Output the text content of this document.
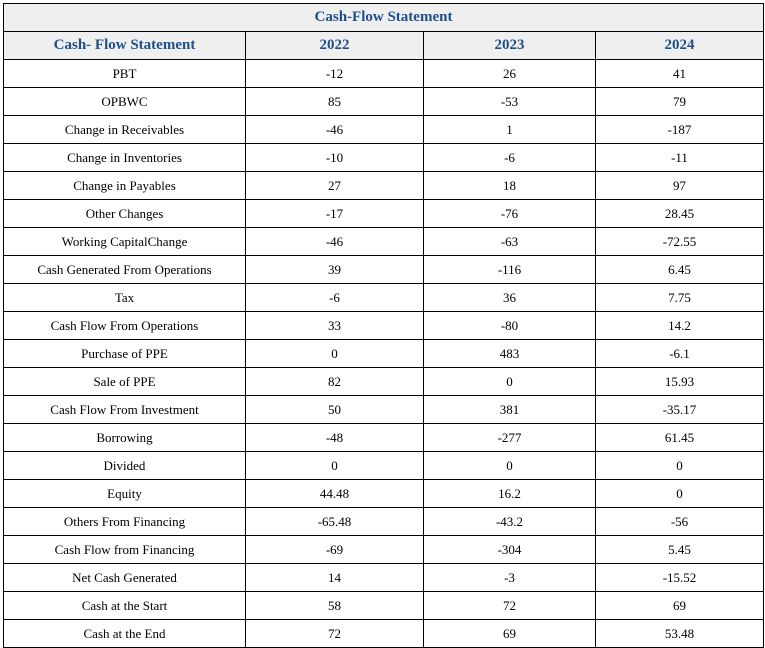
Cash-Flow Statement			
Cash- Flow Statement	2022	2023	2024
PBT	-12	26	41
OPBWC	85	-53	79
Change in Receivables	-46	1	-187
Change in Inventories	-10	-6	-11
Change in Payables	27	18	97
Other Changes	-17	-76	28.45
Working CapitalChange	-46	-63	-72.55
Cash Generated From Operations	39	-116	6.45
Tax	-6	36	7.75
Cash Flow From Operations	33	-80	14.2
Purchase of PPE	0	483	-6.1
Sale of PPE	82	0	15.93
Cash Flow From Investment	50	381	-35.17
Borrowing	-48	-277	61.45
Divided	0	0	0
Equity	44.48	16.2	0
Others From Financing	-65.48	-43.2	-56
Cash Flow from Financing	-69	-304	5.45
Net Cash Generated	14	-3	-15.52
Cash at the Start	58	72	69
Cash at the End	72	69	53.48
